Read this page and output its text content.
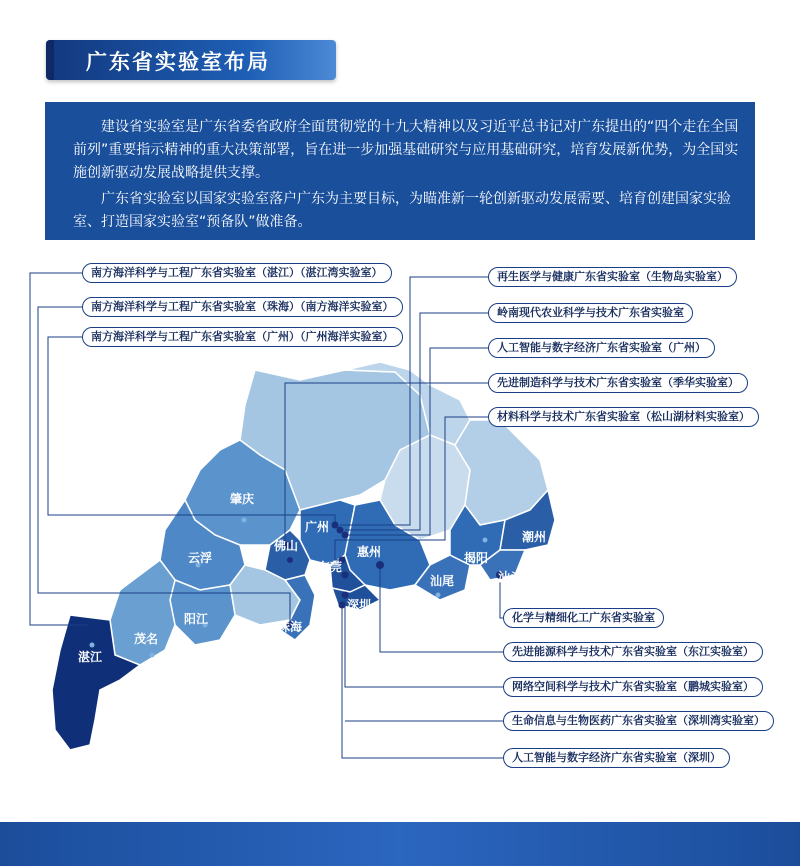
广东省实验室布局

建设省实验室是广东省委省政府全面贯彻党的十九大精神以及习近平总书记对广东提出的“四个走在全国前列”重要指示精神的重大决策部署，旨在进一步加强基础研究与应用基础研究，培育发展新优势，为全国实施创新驱动发展战略提供支撑。

广东省实验室以国家实验室落户广东为主要目标，为瞄准新一轮创新驱动发展需要、培育创建国家实验室、打造国家实验室“预备队”做准备。

肇庆
广州
佛山
云浮
东莞
惠州	揭阳
潮州
汕头
汕尾
深圳
阳江
茂名
珠海
湛江
南方海洋科学与工程广东省实验室（湛江）（湛江湾实验室）
南方海洋科学与工程广东省实验室（珠海）（南方海洋实验室）
南方海洋科学与工程广东省实验室（广州）（广州海洋实验室）
再生医学与健康广东省实验室（生物岛实验室）
岭南现代农业科学与技术广东省实验室
人工智能与数字经济广东省实验室（广州）
先进制造科学与技术广东省实验室（季华实验室）
材料科学与技术广东省实验室（松山湖材料实验室）
化学与精细化工广东省实验室
先进能源科学与技术广东省实验室（东江实验室）
网络空间科学与技术广东省实验室（鹏城实验室）
生命信息与生物医药广东省实验室（深圳湾实验室）
人工智能与数字经济广东省实验室（深圳）
